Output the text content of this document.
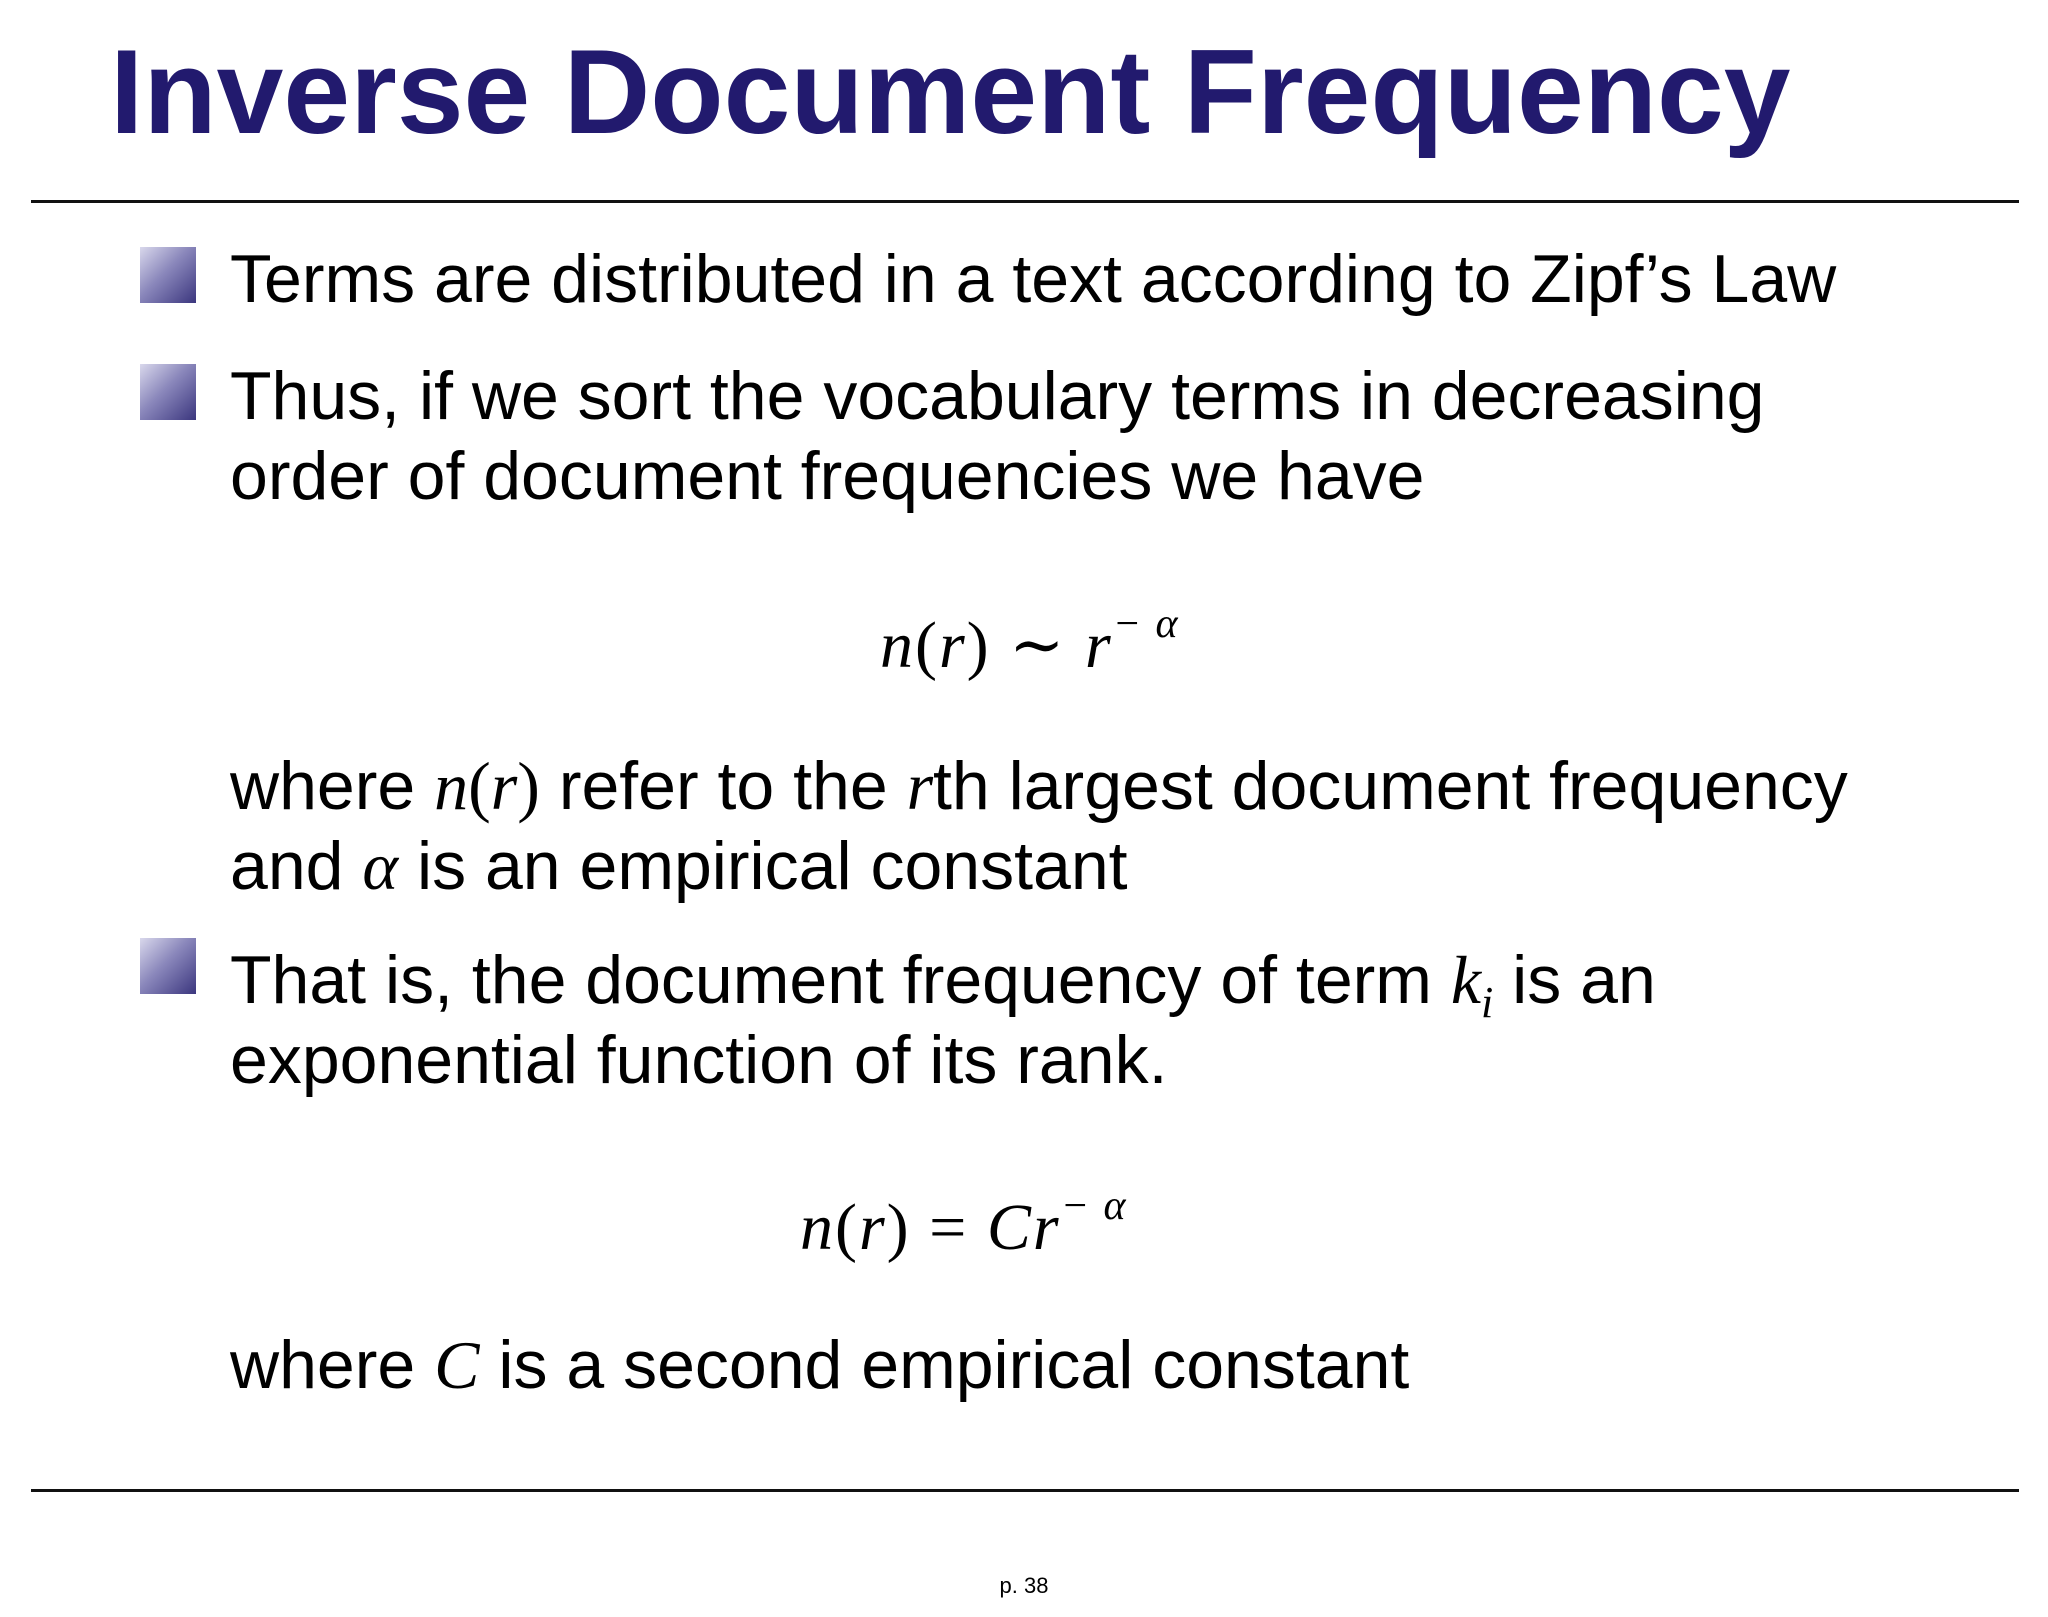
Inverse Document Frequency
Terms are distributed in a text according to Zipf’s Law
Thus, if we sort the vocabulary terms in decreasing
order of document frequencies we have
n(r) ∼ $r^{- \alpha}$
where n(r) refer to the rth largest document frequency
and α is an empirical constant
That is, the document frequency of term $k_i$ is an
exponential function of its rank.
$n(r) = Cr^{- \alpha}$
where C is a second empirical constant
p. 38
